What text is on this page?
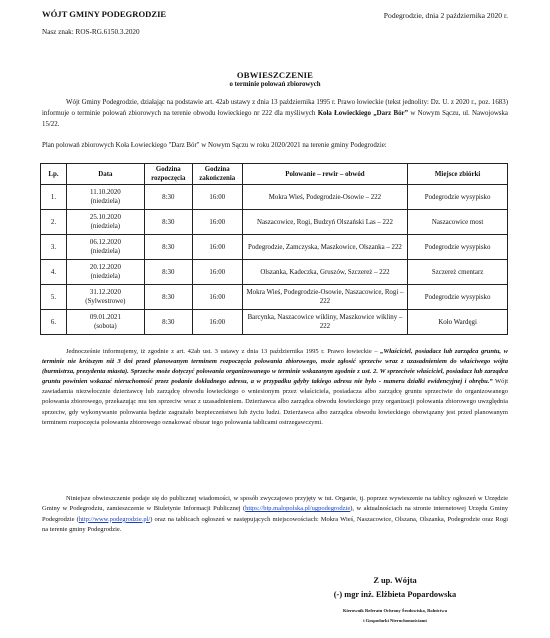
WÓJT GMINY PODEGRODZIE	Podegrodzie, dnia 2 października 2020 r.
Nasz znak: ROS-RG.6150.3.2020
OBWIESZCZENIE
o terminie polowań zbiorowych
Wójt Gminy Podegrodzie, działając na podstawie art. 42ab ustawy z dnia 13 października 1995 r. Prawo łowieckie (tekst jednolity: Dz. U. z 2020 r., poz. 1683) informuje o terminie polowań zbiorowych na terenie obwodu łowieckiego nr 222 dla myśliwych Koła Łowieckiego „Darz Bór” w Nowym Sączu, ul. Nawojowska 15/22.
Plan polowań zbiorowych Koła Łowieckiego "Darz Bór" w Nowym Sączu w roku 2020/2021 na terenie gminy Podegrodzie:
Lp.	Data	Godzina rozpoczęcia	Godzina zakończenia	Polowanie – rewir – obwód	Miejsce zbiórki
1.	11.10.2020
(niedziela)	8:30	16:00	Mokra Wieś, Podegrodzie-Osowie – 222	Podegrodzie wysypisko
2.	25.10.2020
(niedziela)	8:30	16:00	Naszacowice, Rogi, Budzyń Olszański Las – 222	Naszacowice most
3.	06.12.2020
(niedziela)	8:30	16:00	Podegrodzie, Zamczyska, Maszkowice, Olszanka – 222	Podegrodzie wysypisko
4.	20.12.2020
(niedziela)	8:30	16:00	Olszanka, Kadeczka, Gruszów, Szczereż – 222	Szczereż cmentarz
5.	31.12.2020
(Sylwestrowe)	8:30	16:00	Mokra Wieś, Podegrodzie-Osowie, Naszacowice, Rogi – 222	Podegrodzie wysypisko
6.	09.01.2021
(sobota)	8:30	16:00	Barcynka, Naszacowice wikliny, Maszkowice wikliny – 222	Koło Wardęgi
Jednocześnie informujemy, iż zgodnie z art. 42ab ust. 3 ustawy z dnia 13 października 1995 r. Prawo łowieckie – „Właściciel, posiadacz lub zarządca gruntu, w terminie nie krótszym niż 3 dni przed planowanym terminem rozpoczęcia polowania zbiorowego, może zgłosić sprzeciw wraz z uzasadnieniem do właściwego wójta (burmistrza, prezydenta miasta). Sprzeciw może dotyczyć polowania organizowanego w terminie wskazanym zgodnie z ust. 2. W sprzeciwie właściciel, posiadacz lub zarządca gruntu powinien wskazać nieruchomość przez podanie dokładnego adresu, a w przypadku gdyby takiego adresu nie było - numeru działki ewidencyjnej i obrębu.” Wójt zawiadamia niezwłocznie dzierżawcę lub zarządcę obwodu łowieckiego o wniesionym przez właściciela, posiadacza albo zarządcę gruntu sprzeciwie do organizowanego polowania zbiorowego, przekazując mu ten sprzeciw wraz z uzasadnieniem. Dzierżawca albo zarządca obwodu łowieckiego przy organizacji polowania zbiorowego uwzględnia sprzeciw, gdy wykonywanie polowania będzie zagrażało bezpieczeństwu lub życiu ludzi. Dzierżawca albo zarządca obwodu łowieckiego obowiązany jest przed planowanym terminem rozpoczęcia polowania zbiorowego oznakować obszar tego polowania tablicami ostrzegawczymi.
Niniejsze obwieszczenie podaje się do publicznej wiadomości, w sposób zwyczajowo przyjęty w tut. Organie, tj. poprzez wywieszenie na tablicy ogłoszeń w Urzędzie Gminy w Podegrodziu, zamieszczenie w Biuletynie Informacji Publicznej (https://bip.malopolska.pl/ugpodegrodzie), w aktualnościach na stronie internetowej Urzędu Gminy Podegrodzie (http://www.podegrodzie.pl/) oraz na tablicach ogłoszeń w następujących miejscowościach: Mokra Wieś, Naszacowice, Olszana, Olszanka, Podegrodzie oraz Rogi na terenie gminy Podegrodzie.
Z up. Wójta
(-) mgr inż. Elżbieta Popardowska
Kierownik Referatu Ochrony Środowiska, Rolnictwa
i Gospodarki Nieruchomościami
